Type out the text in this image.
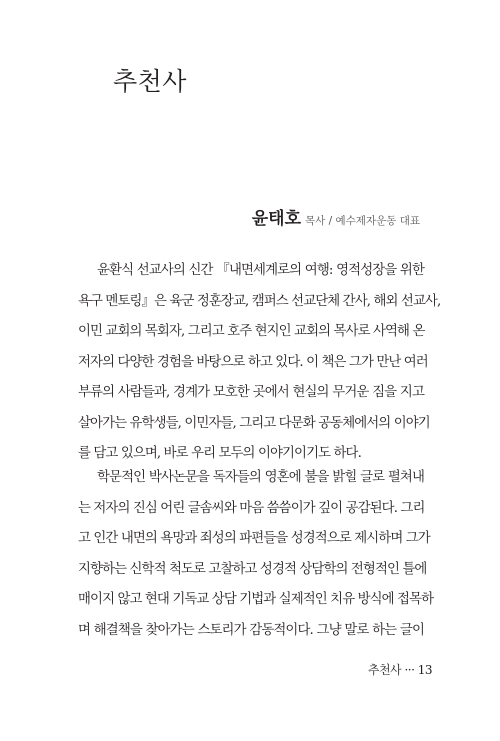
추천사
윤태호 목사 / 예수제자운동 대표
윤환식 선교사의 신간 『내면세계로의 여행: 영적성장을 위한
욕구 멘토링』은 육군 정훈장교, 캠퍼스 선교단체 간사, 해외 선교사,
이민 교회의 목회자, 그리고 호주 현지인 교회의 목사로 사역해 온
저자의 다양한 경험을 바탕으로 하고 있다. 이 책은 그가 만난 여러
부류의 사람들과, 경계가 모호한 곳에서 현실의 무거운 짐을 지고
살아가는 유학생들, 이민자들, 그리고 다문화 공동체에서의 이야기
를 담고 있으며, 바로 우리 모두의 이야기이기도 하다.
학문적인 박사논문을 독자들의 영혼에 불을 밝힐 글로 펼쳐내
는 저자의 진심 어린 글솜씨와 마음 씀씀이가 깊이 공감된다. 그리
고 인간 내면의 욕망과 죄성의 파편들을 성경적으로 제시하며 그가
지향하는 신학적 척도로 고찰하고 성경적 상담학의 전형적인 틀에
매이지 않고 현대 기독교 상담 기법과 실제적인 치유 방식에 접목하
며 해결책을 찾아가는 스토리가 감동적이다. 그냥 말로 하는 글이
추천사 ··· 13
